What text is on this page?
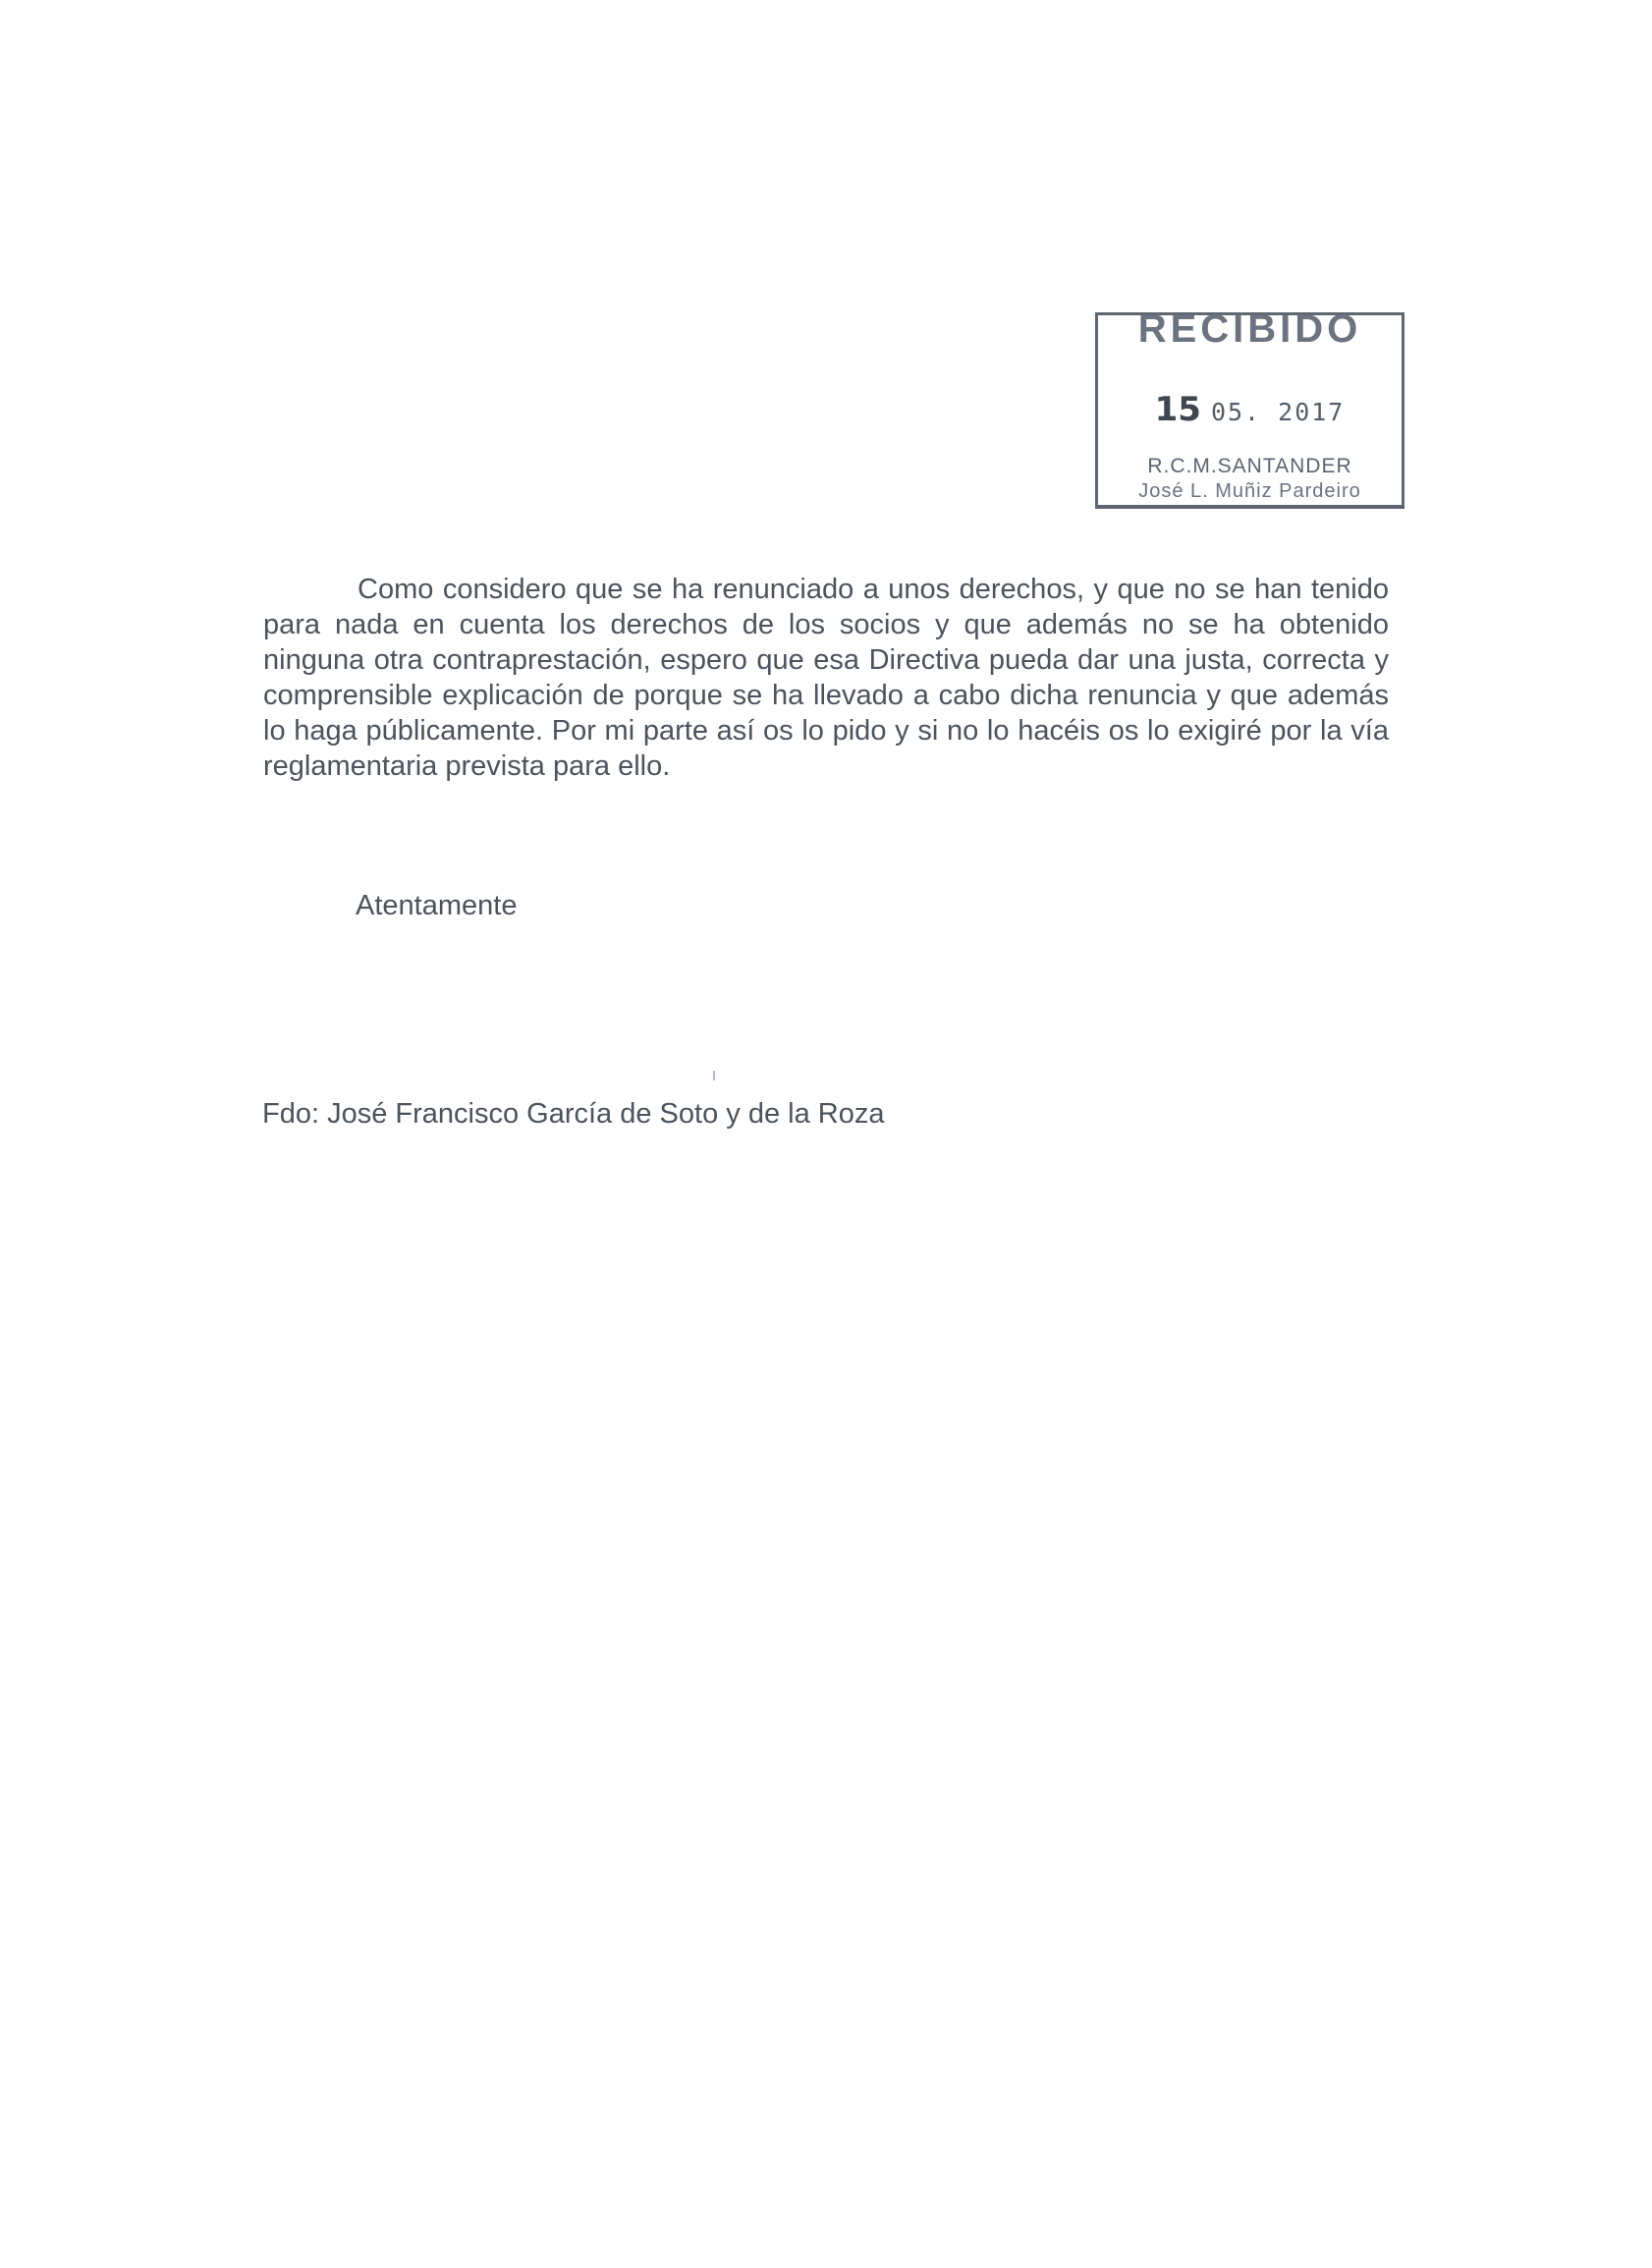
RECIBIDO
15 05. 2017
R.C.M.SANTANDER
José L. Muñiz Pardeiro
Como considero que se ha renunciado a unos derechos, y que no se han tenido para nada en cuenta los derechos de los socios y que además no se ha obtenido ninguna otra contraprestación, espero que esa Directiva pueda dar una justa, correcta y comprensible explicación de porque se ha llevado a cabo dicha renuncia y que además lo haga públicamente. Por mi parte así os lo pido y si no lo hacéis os lo exigiré por la vía reglamentaria prevista para ello.
Atentamente
Fdo: José Francisco García de Soto y de la Roza
